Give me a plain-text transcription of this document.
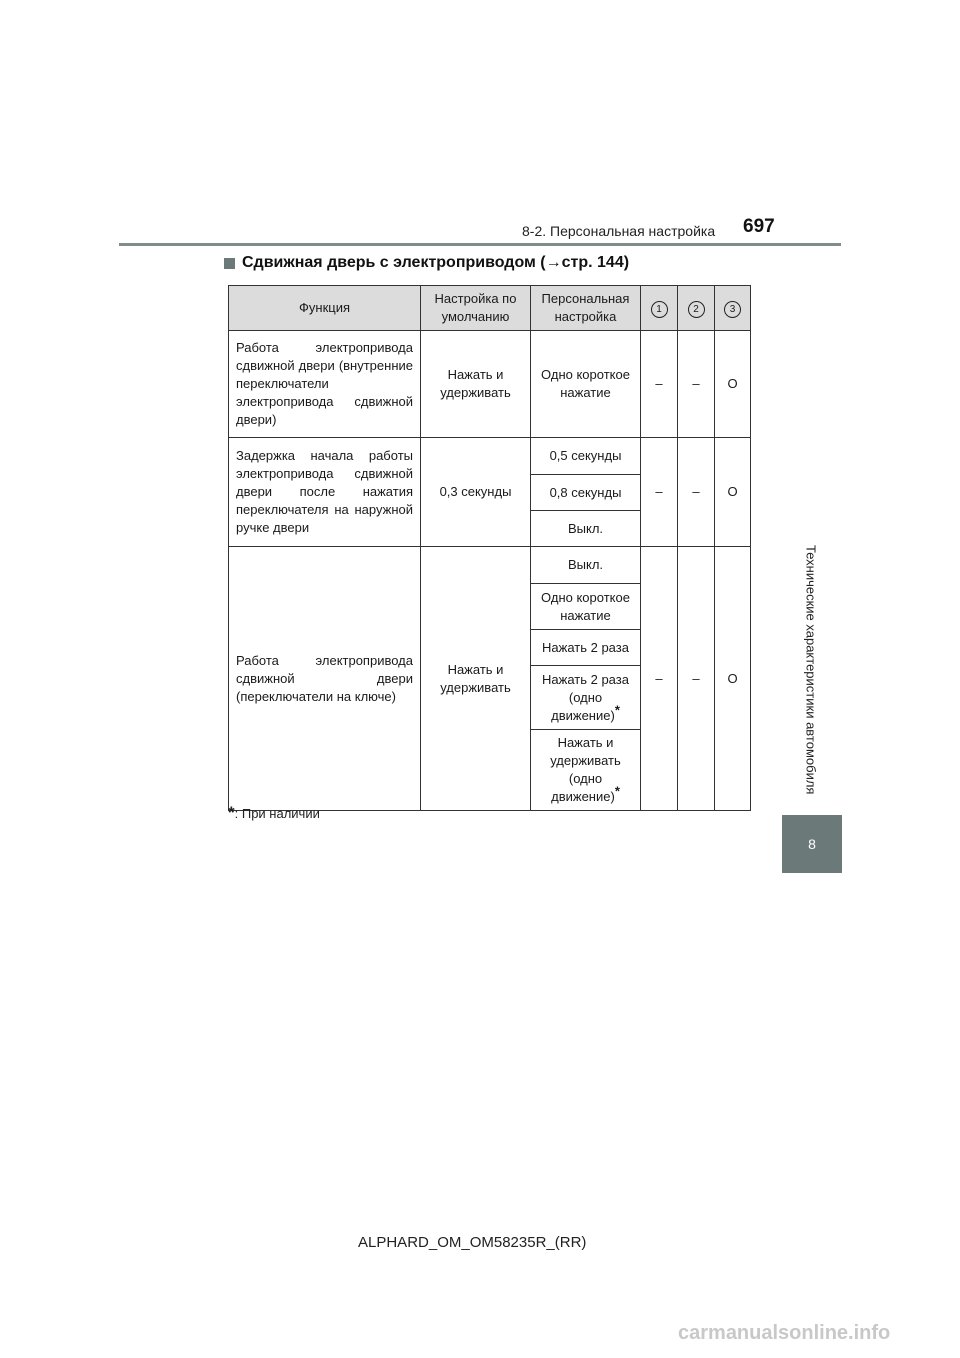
8-2. Персональная настройка 697
Технические характеристики автомобиля
8
Сдвижная дверь с электроприводом (→стр. 144)
Функция	Настройка по умолчанию	Персональная настройка	1	2	3
Работа электропривода сдвижной двери (внутренние переключатели электропривода сдвижной двери)	Нажать и удерживать	Одно короткое нажатие	–	–	O
Задержка начала работы электропривода сдвижной двери после нажатия переключателя на наружной ручке двери	0,3 секунды	0,5 секунды	–	–	O
		0,8 секунды			
		Выкл.			
Работа электропривода сдвижной двери (переключатели на ключе)	Нажать и удерживать	Выкл.	–	–	O
		Одно короткое нажатие			
		Нажать 2 раза			
		Нажать 2 раза (одно движение)*
		Нажать и удерживать (одно движение)*
*: При наличии
ALPHARD_OM_OM58235R_(RR)
carmanualsonline.info
